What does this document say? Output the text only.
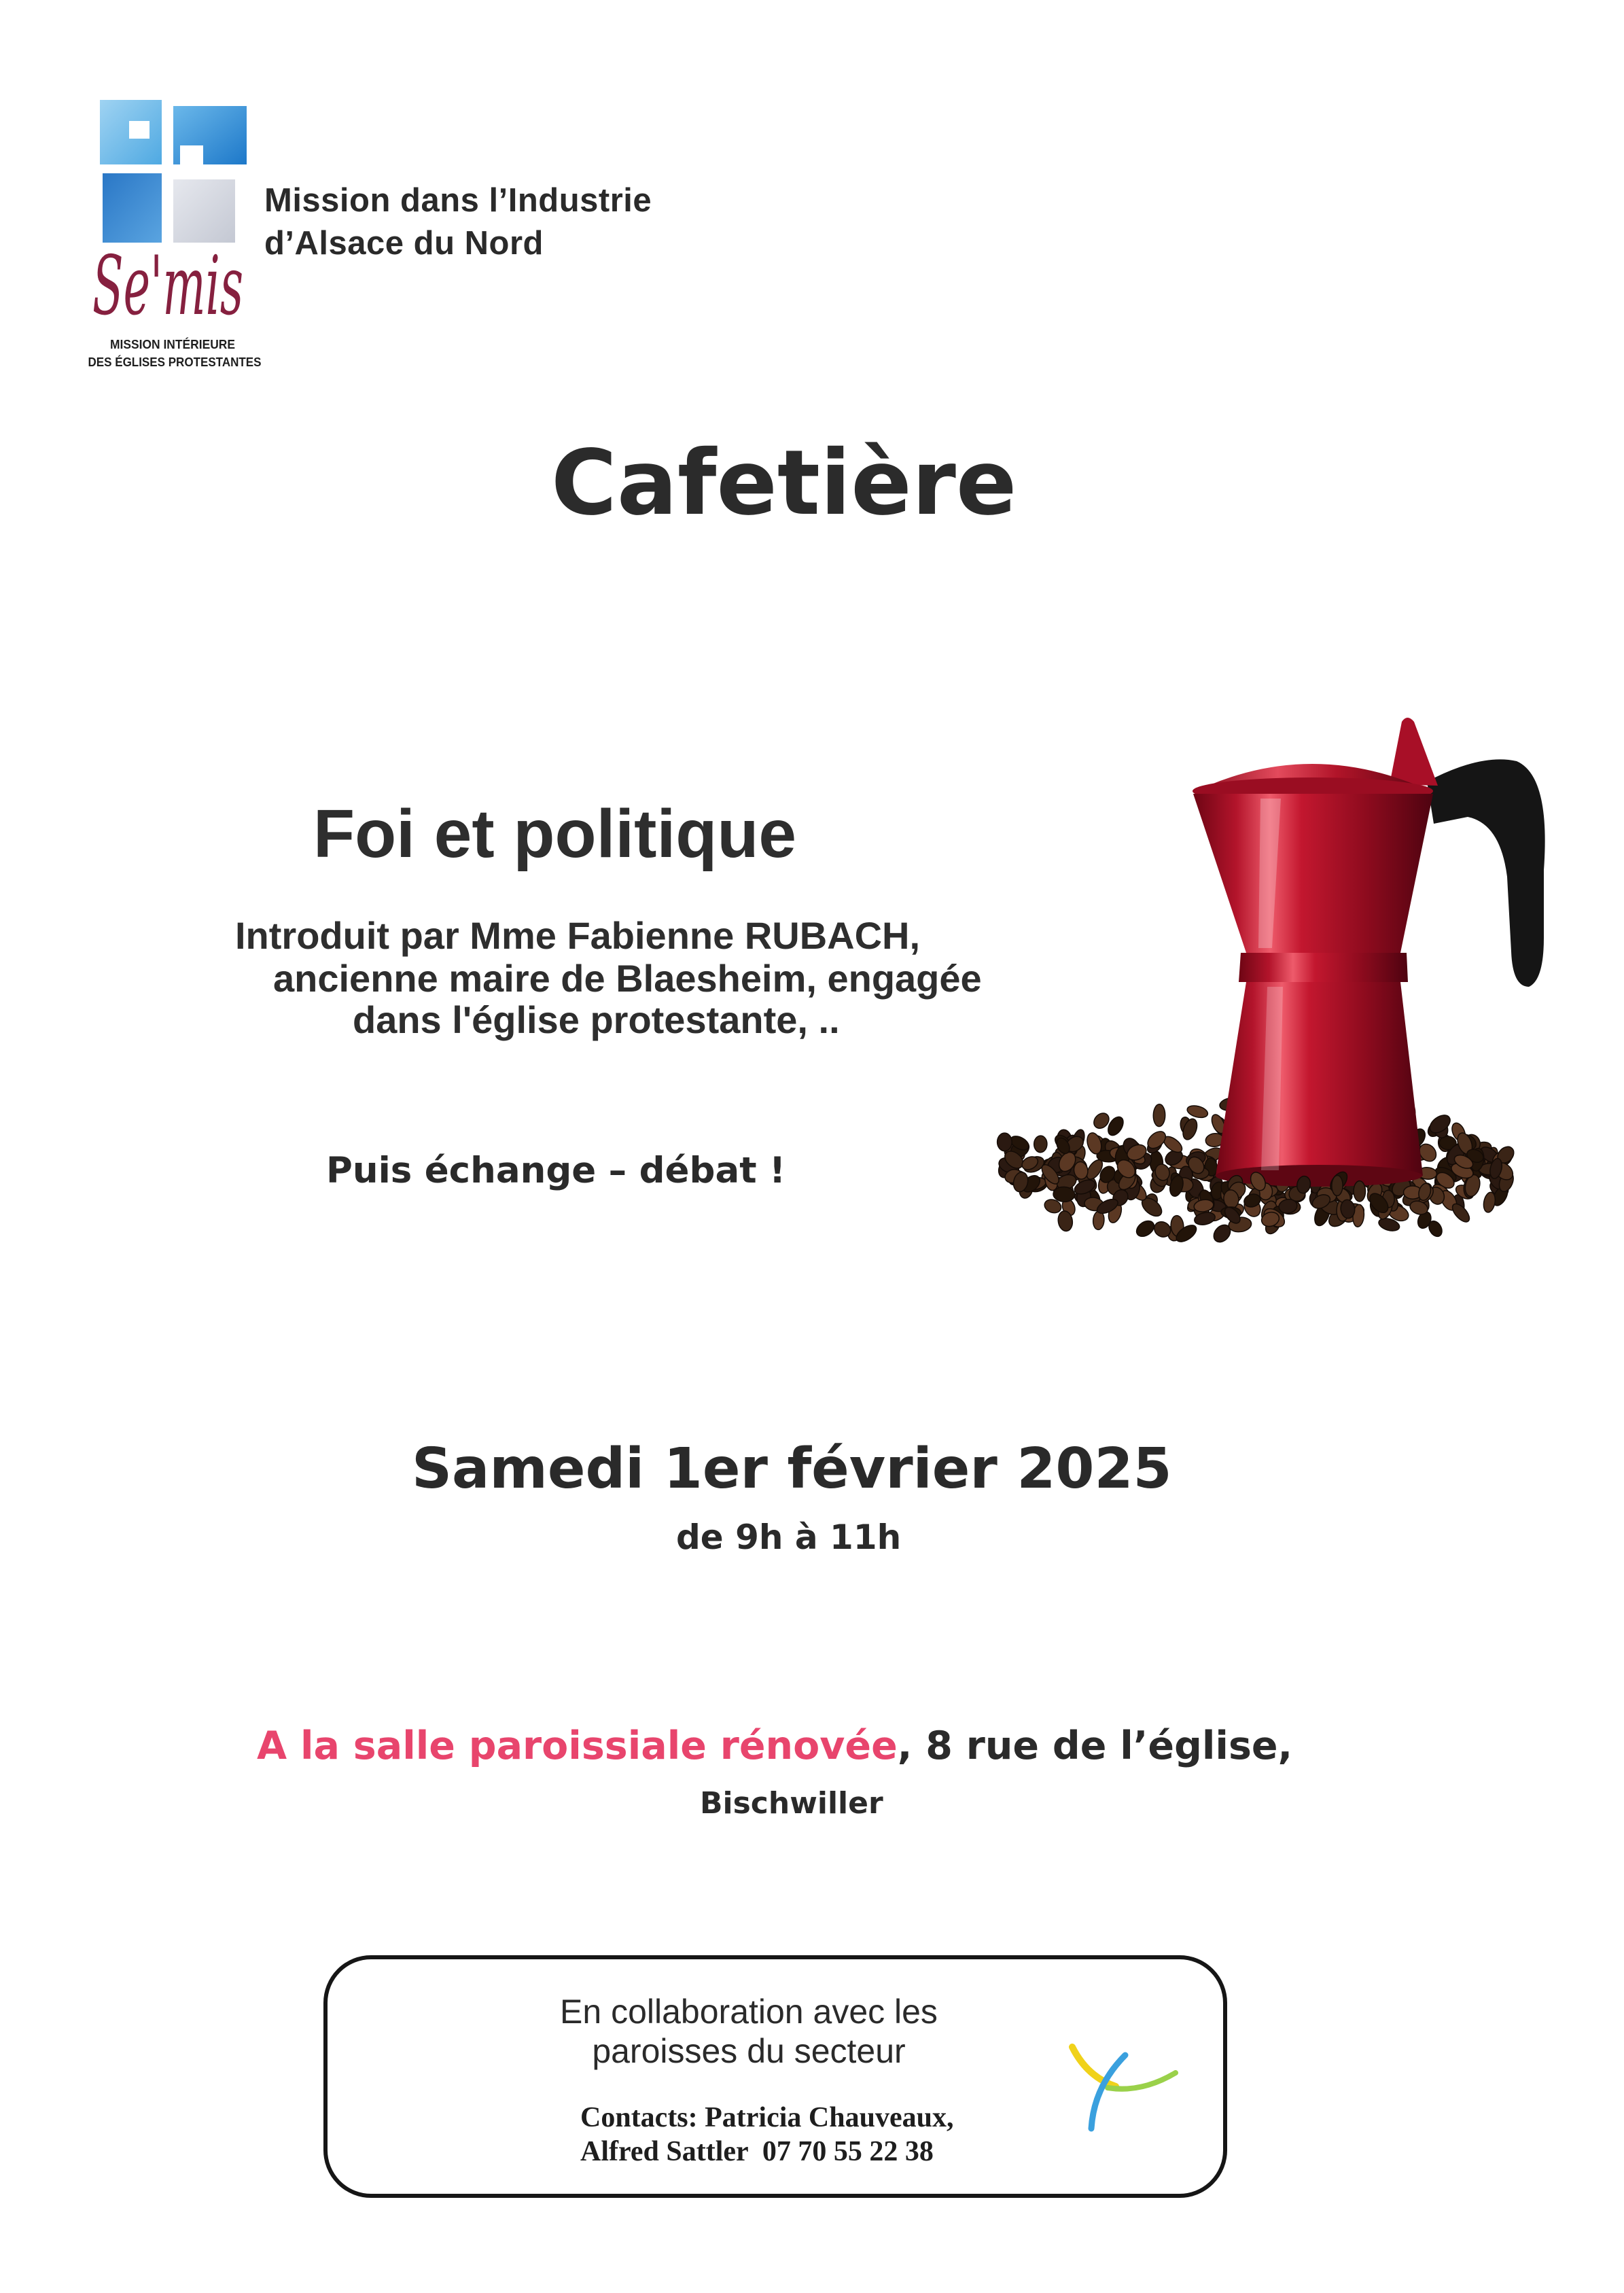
Se'mis
MISSION INTÉRIEURE
DES ÉGLISES PROTESTANTES
Mission dans l’Industrie
d’Alsace du Nord
Cafetière
Foi et politique
Introduit par Mme Fabienne RUBACH,
ancienne maire de Blaesheim, engagée
dans l'église protestante, ..
Puis échange – débat !
Samedi 1er février 2025
de 9h à 11h
A la salle paroissiale rénovée, 8 rue de l’église,
Bischwiller
En collaboration avec les
paroisses du secteur
Contacts: Patricia Chauveaux,
Alfred Sattler  07 70 55 22 38
